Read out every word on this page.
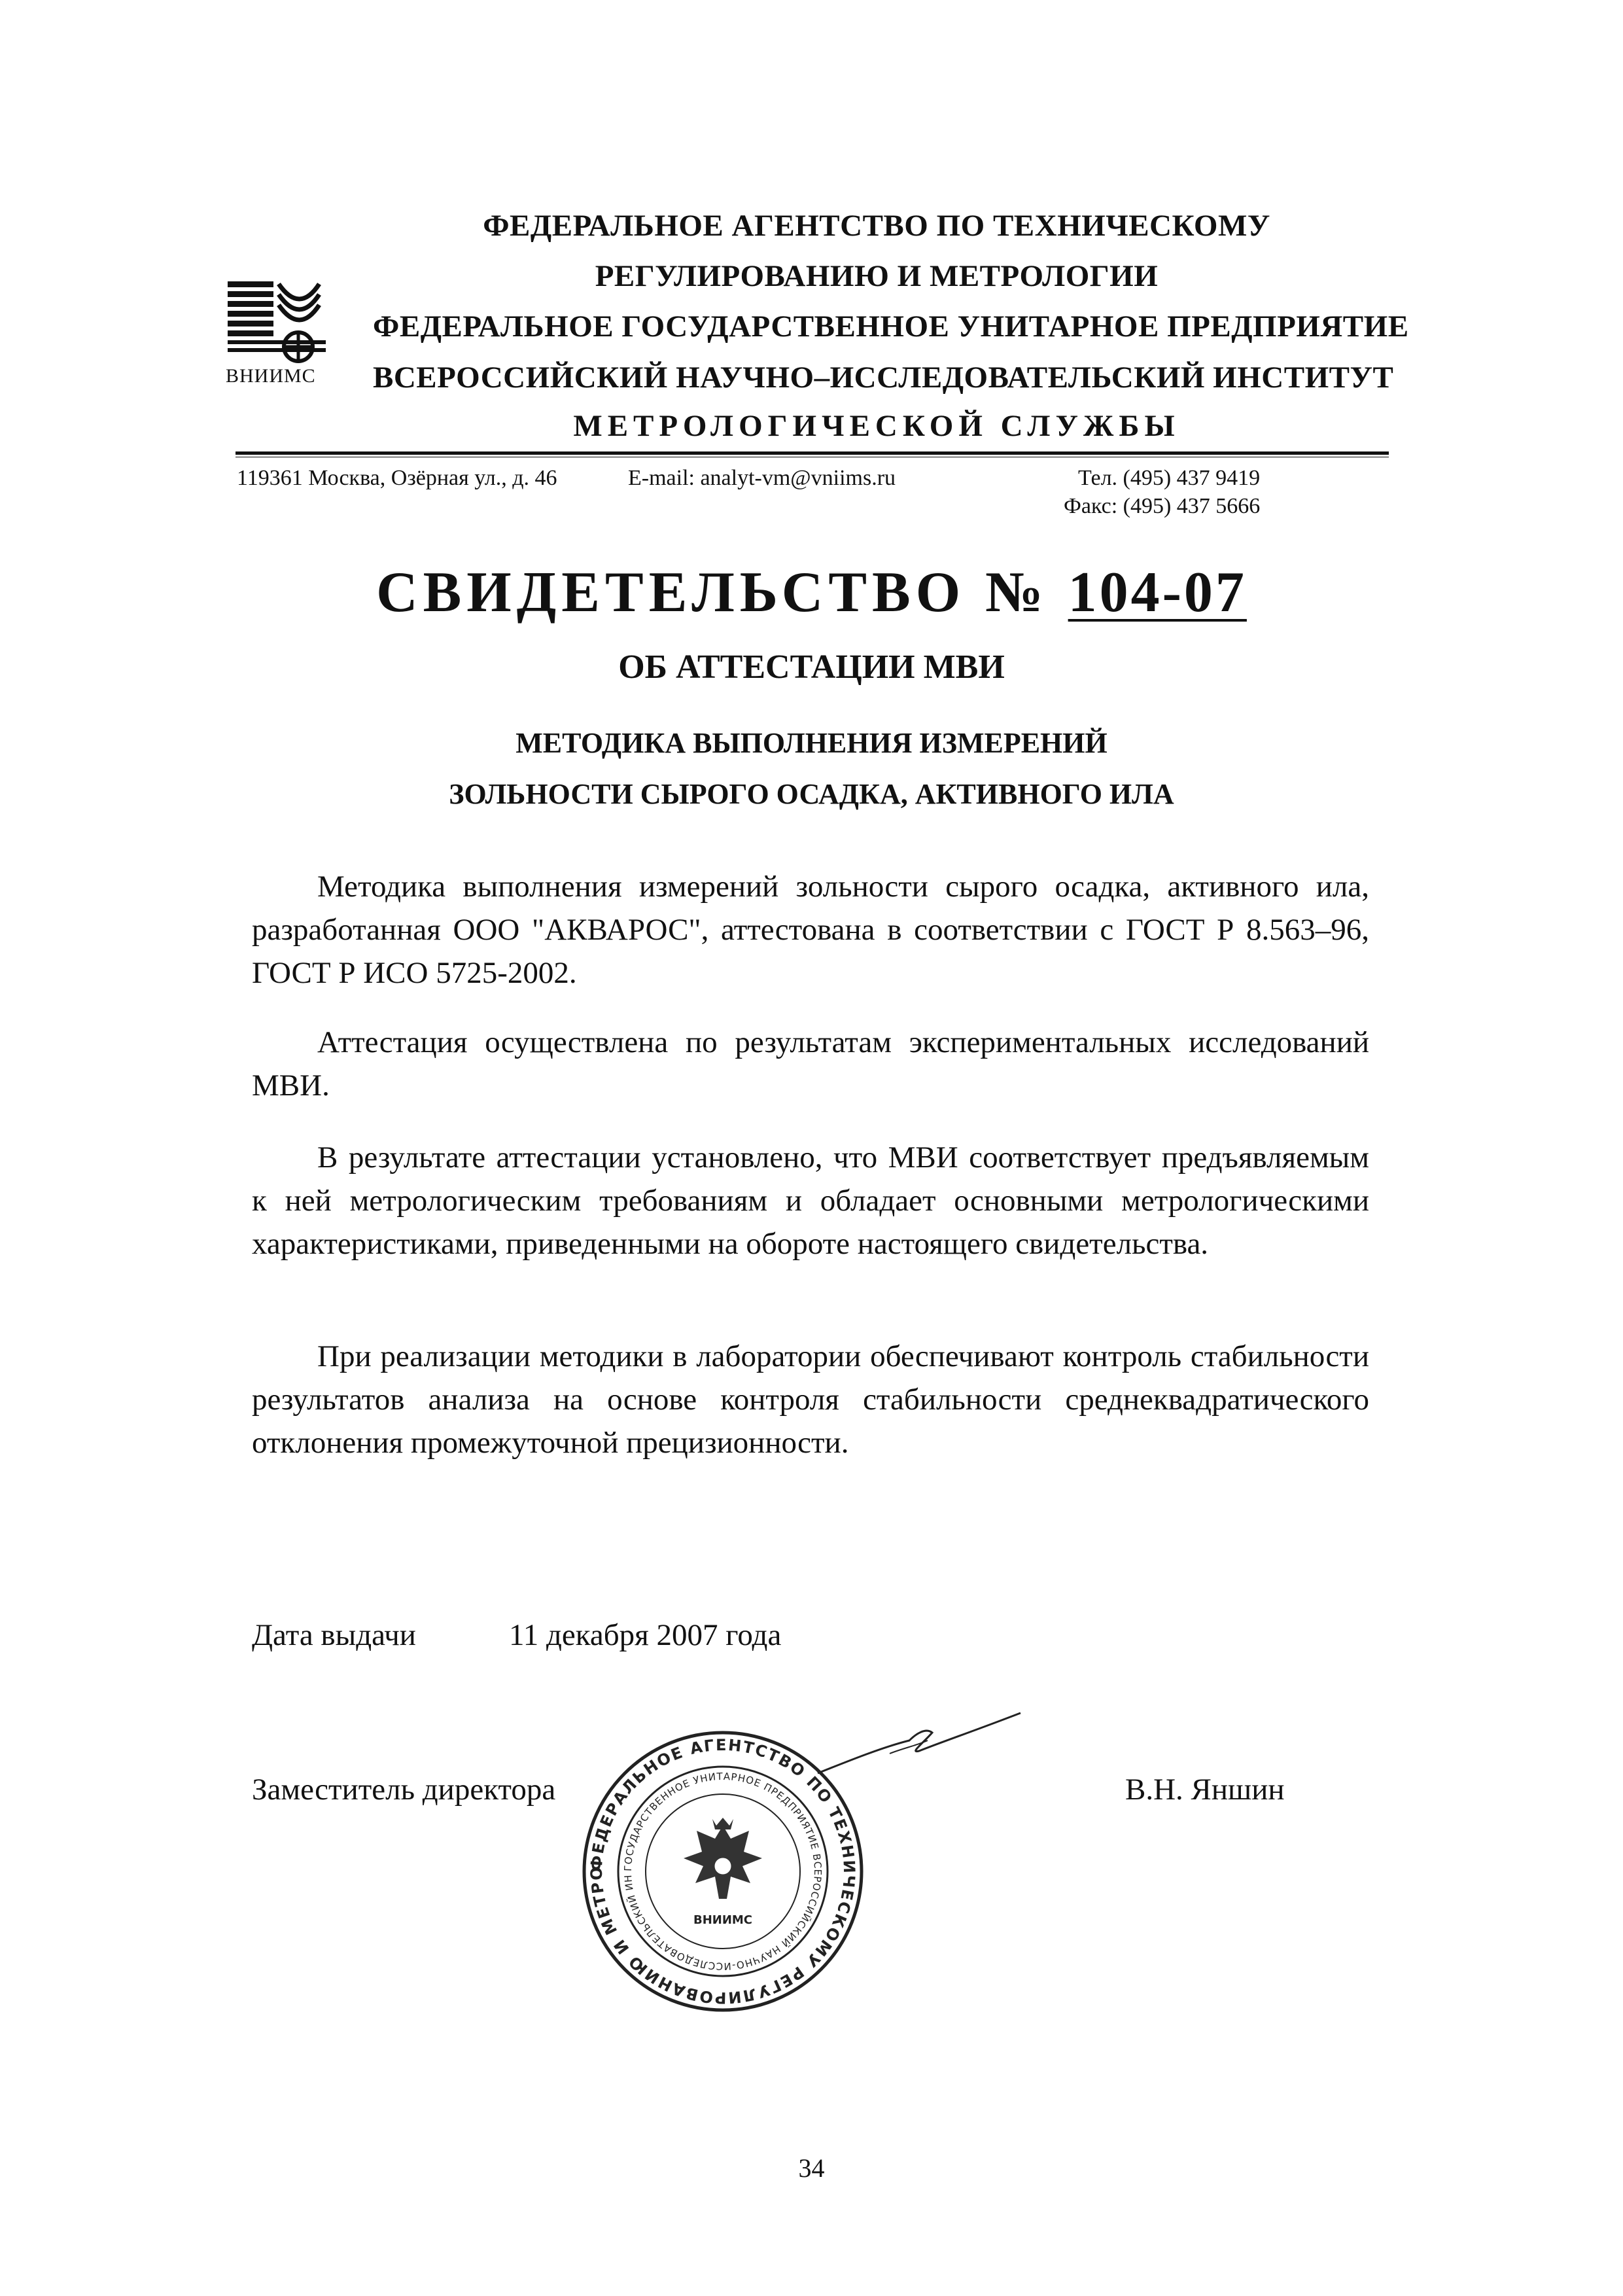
ВНИИМС
ФЕДЕРАЛЬНОЕ АГЕНТСТВО ПО ТЕХНИЧЕСКОМУ
РЕГУЛИРОВАНИЮ И МЕТРОЛОГИИ
ФЕДЕРАЛЬНОЕ ГОСУДАРСТВЕННОЕ УНИТАРНОЕ ПРЕДПРИЯТИЕ
ВСЕРОССИЙСКИЙ НАУЧНО–ИССЛЕДОВАТЕЛЬСКИЙ ИНСТИТУТ
МЕТРОЛОГИЧЕСКОЙ СЛУЖБЫ
119361 Москва, Озёрная ул., д. 46	E-mail: analyt-vm@vniims.ru	Тел. (495) 437 9419
Факс: (495) 437 5666
СВИДЕТЕЛЬСТВО № 104-07
ОБ АТТЕСТАЦИИ МВИ
МЕТОДИКА ВЫПОЛНЕНИЯ ИЗМЕРЕНИЙ
ЗОЛЬНОСТИ СЫРОГО ОСАДКА, АКТИВНОГО ИЛА
Методика выполнения измерений зольности сырого осадка, активного ила, разработанная ООО "АКВАРОС", аттестована в соответствии с ГОСТ Р 8.563–96, ГОСТ Р ИСО 5725-2002.
Аттестация осуществлена по результатам экспериментальных исследований МВИ.
В результате аттестации установлено, что МВИ соответствует предъявляемым к ней метрологическим требованиям и обладает основными метрологическими характеристиками, приведенными на обороте настоящего свидетельства.
При реализации методики в лаборатории обеспечивают контроль стабильности результатов анализа на основе контроля стабильности среднеквадратического отклонения промежуточной прецизионности.
Дата выдачи	11 декабря 2007 года
Заместитель директора	В.Н. Яншин
ФЕДЕРАЛЬНОЕ АГЕНТСТВО ПО ТЕХНИЧЕСКОМУ РЕГУЛИРОВАНИЮ И МЕТРО	ГОСУДАРСТВЕННОЕ УНИТАРНОЕ ПРЕДПРИЯТИЕ ВСЕРОССИЙСКИЙ НАУЧНО-ИССЛЕДОВАТЕЛЬСКИЙ ИН
ВНИИМС
34
